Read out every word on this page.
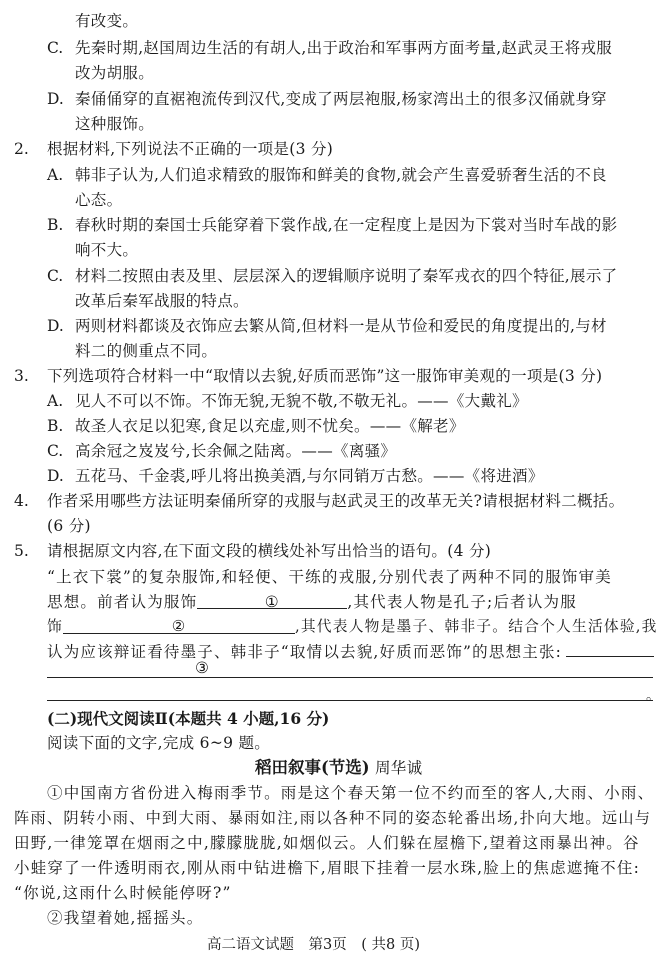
有改变。
C. 先秦时期,赵国周边生活的有胡人,出于政治和军事两方面考量,赵武灵王将戎服
改为胡服。
D. 秦俑俑穿的直裾袍流传到汉代,变成了两层袍服,杨家湾出土的很多汉俑就身穿
这种服饰。
2. 根据材料,下列说法不正确的一项是(3 分)
A. 韩非子认为,人们追求精致的服饰和鲜美的食物,就会产生喜爱骄奢生活的不良
心态。
B. 春秋时期的秦国士兵能穿着下裳作战,在一定程度上是因为下裳对当时车战的影
响不大。
C. 材料二按照由表及里、层层深入的逻辑顺序说明了秦军戎衣的四个特征,展示了
改革后秦军战服的特点。
D. 两则材料都谈及衣饰应去繁从简,但材料一是从节俭和爱民的角度提出的,与材
料二的侧重点不同。
3. 下列选项符合材料一中“取情以去貌,好质而恶饰”这一服饰审美观的一项是(3 分)
A. 见人不可以不饰。不饰无貌,无貌不敬,不敬无礼。——《大戴礼》
B. 故圣人衣足以犯寒,食足以充虚,则不忧矣。——《解老》
C. 高余冠之岌岌兮,长余佩之陆离。——《离骚》
D. 五花马、千金裘,呼儿将出换美酒,与尔同销万古愁。——《将进酒》
4. 作者采用哪些方法证明秦俑所穿的戎服与赵武灵王的改革无关?请根据材料二概括。
(6 分)
5. 请根据原文内容,在下面文段的横线处补写出恰当的语句。(4 分)
“上衣下裳”的复杂服饰,和轻便、干练的戎服,分别代表了两种不同的服饰审美
思想。前者认为服饰	①	,其代表人物是孔子;后者认为服
饰	②	,其代表人物是墨子、韩非子。结合个人生活体验,我
认为应该辩证看待墨子、韩非子“取情以去貌,好质而恶饰”的思想主张:
③
。
(二)现代文阅读Ⅱ(本题共 4 小题,16 分)
阅读下面的文字,完成 6~9 题。
稻田叙事(节选) 周华诚
①中国南方省份进入梅雨季节。雨是这个春天第一位不约而至的客人,大雨、小雨、
阵雨、阴转小雨、中到大雨、暴雨如注,雨以各种不同的姿态轮番出场,扑向大地。远山与
田野,一律笼罩在烟雨之中,朦朦胧胧,如烟似云。人们躲在屋檐下,望着这雨暴出神。谷
小蛙穿了一件透明雨衣,刚从雨中钻进檐下,眉眼下挂着一层水珠,脸上的焦虑遮掩不住:
“你说,这雨什么时候能停呀?”
②我望着她,摇摇头。
高二语文试题　第3页　( 共8 页)
